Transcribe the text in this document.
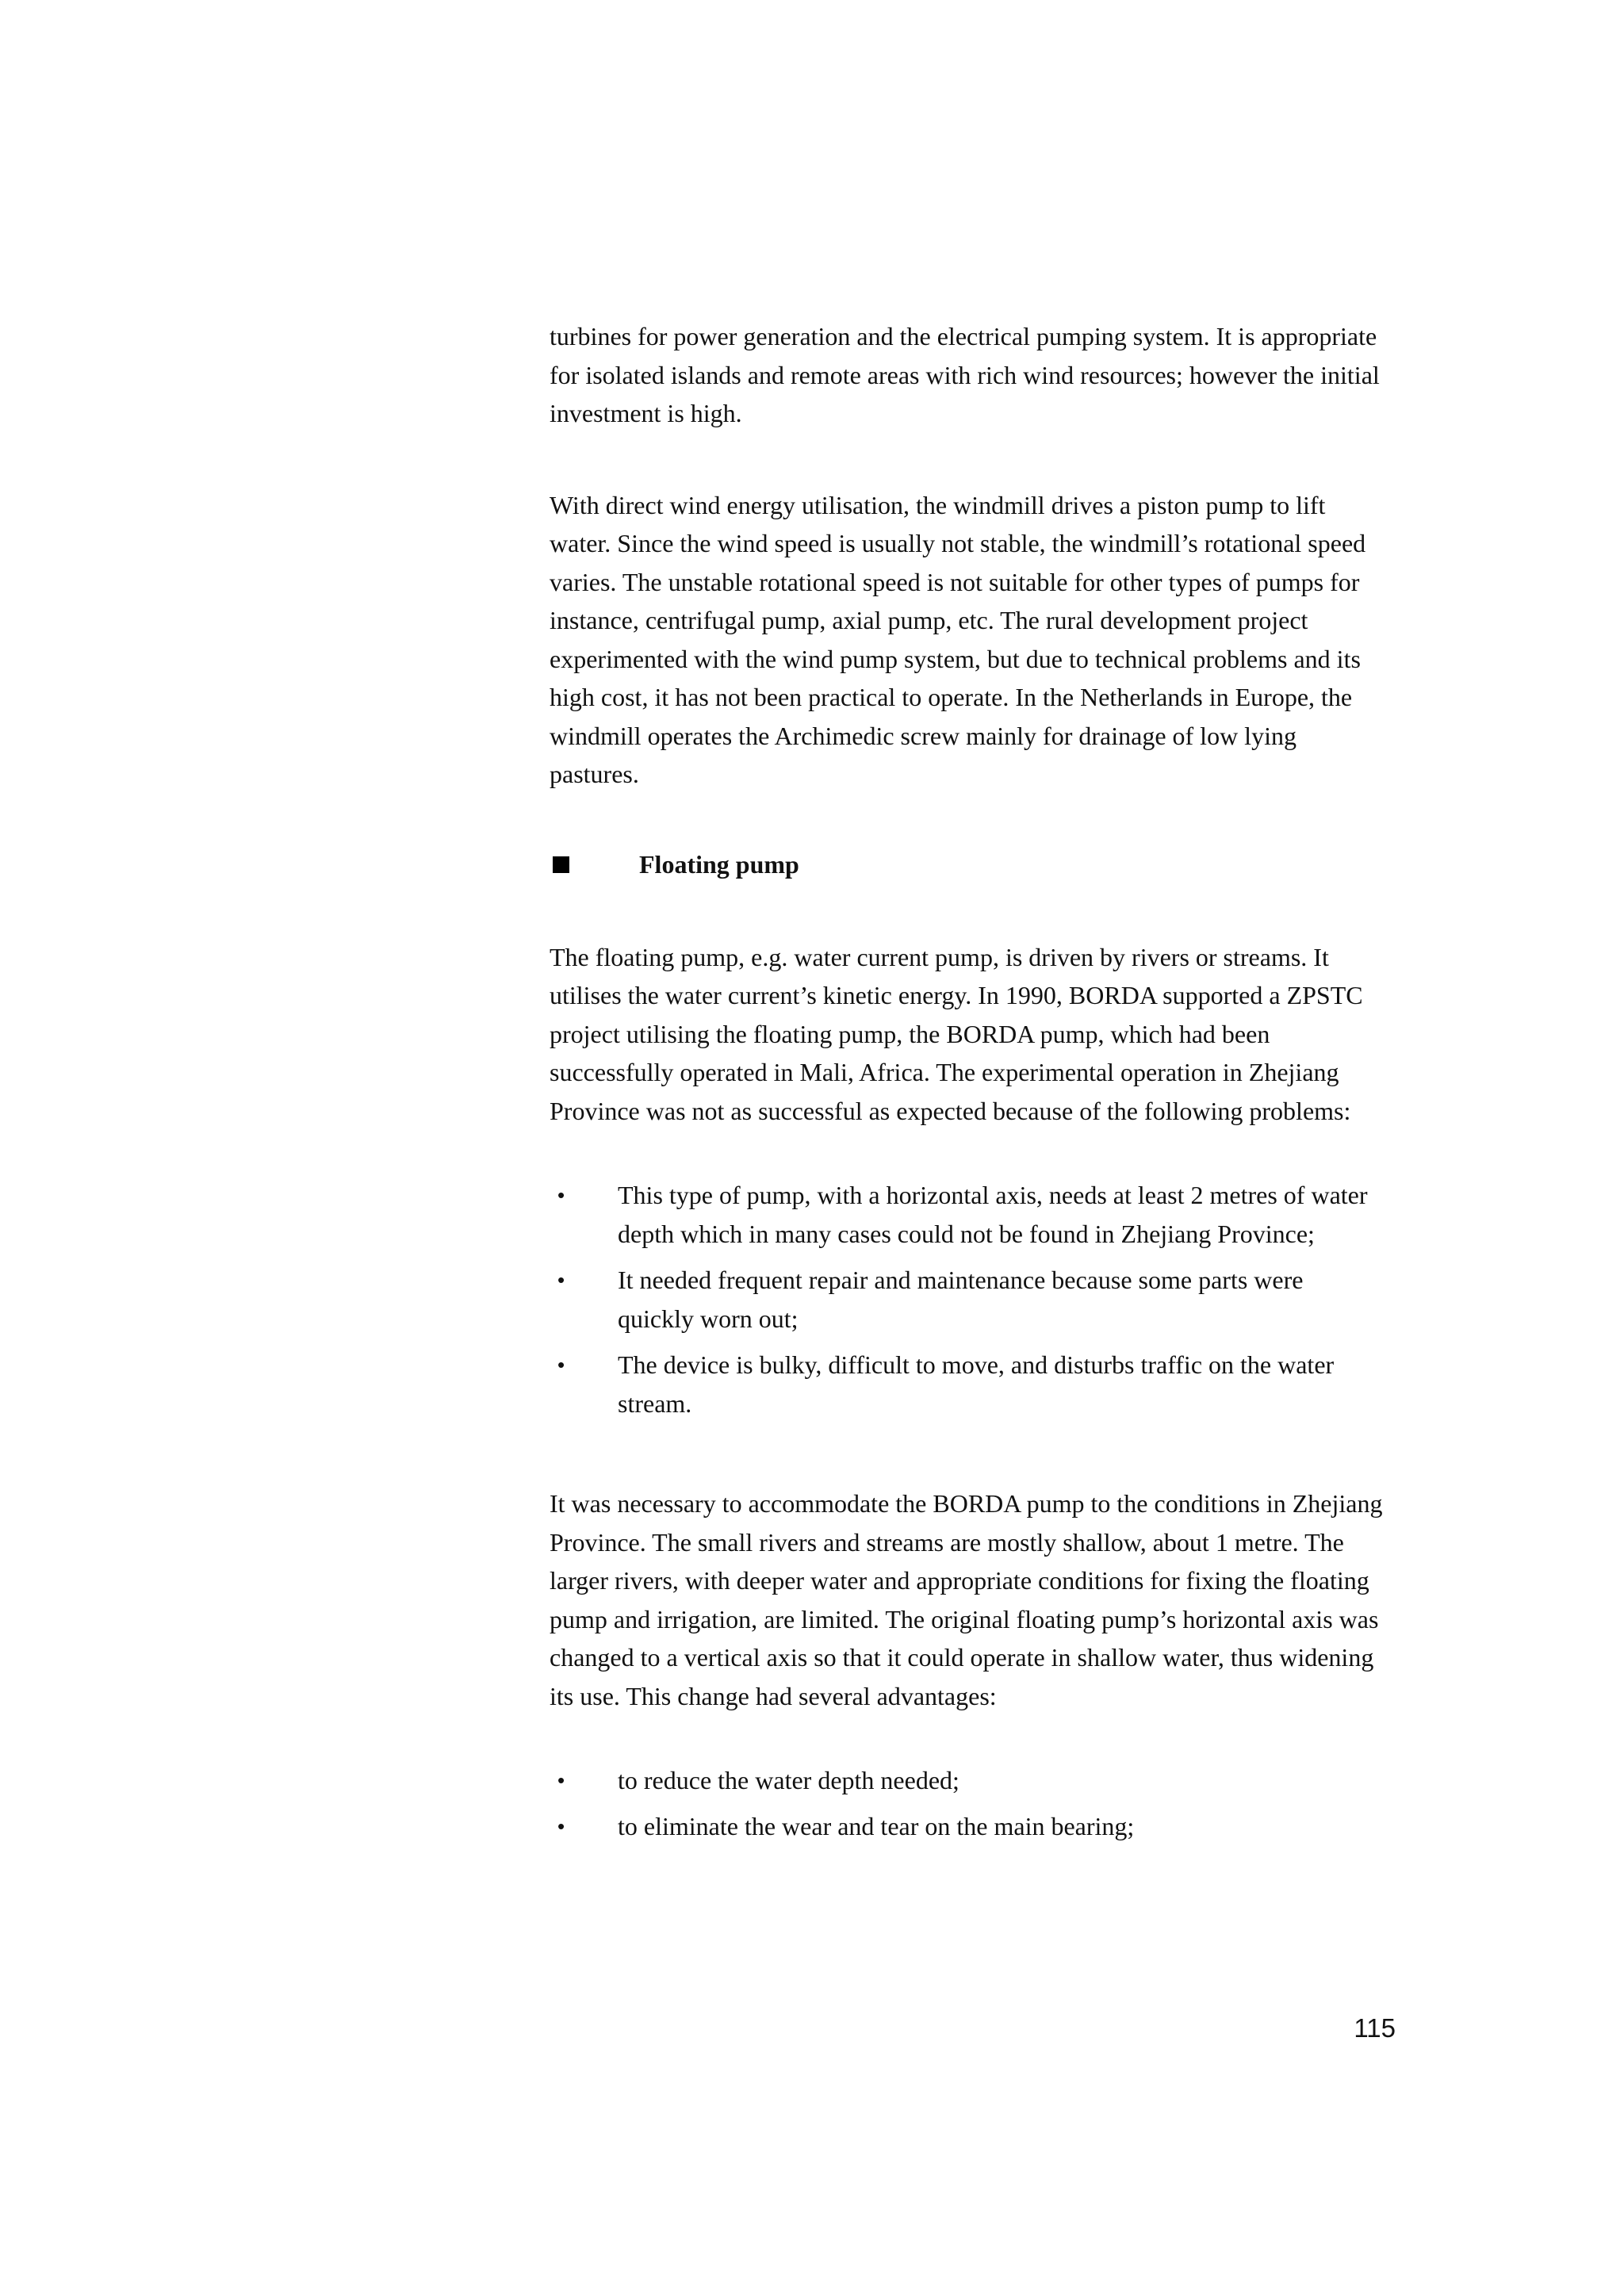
turbines for power generation and the electrical pumping system. It is appropriate for isolated islands and remote areas with rich wind resources; however the initial investment is high.

With direct wind energy utilisation, the windmill drives a piston pump to lift water. Since the wind speed is usually not stable, the windmill’s rotational speed varies. The unstable rotational speed is not suitable for other types of pumps for instance, centrifugal pump, axial pump, etc. The rural development project experimented with the wind pump system, but due to technical problems and its high cost, it has not been practical to operate. In the Netherlands in Europe, the windmill operates the Archimedic screw mainly for drainage of low lying pastures.

Floating pump

The floating pump, e.g. water current pump, is driven by rivers or streams. It utilises the water current’s kinetic energy. In 1990, BORDA supported a ZPSTC project utilising the floating pump, the BORDA pump, which had been successfully operated in Mali, Africa. The experimental operation in Zhejiang Province was not as successful as expected because of the following problems:

•	This type of pump, with a horizontal axis, needs at least 2 metres of water depth which in many cases could not be found in Zhejiang Province;
•	It needed frequent repair and maintenance because some parts were quickly worn out;
•	The device is bulky, difficult to move, and disturbs traffic on the water stream.

It was necessary to accommodate the BORDA pump to the conditions in Zhejiang Province. The small rivers and streams are mostly shallow, about 1 metre. The larger rivers, with deeper water and appropriate conditions for fixing the floating pump and irrigation, are limited. The original floating pump’s horizontal axis was changed to a vertical axis so that it could operate in shallow water, thus widening its use. This change had several advantages:

•	to reduce the water depth needed;
•	to eliminate the wear and tear on the main bearing;
115
